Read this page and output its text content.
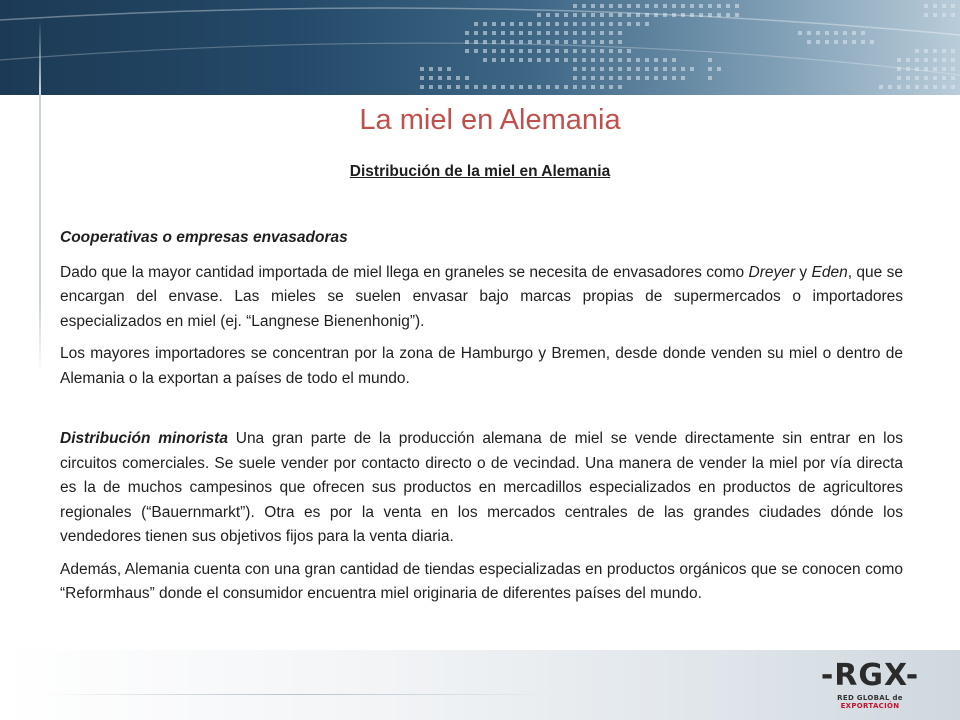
La miel en Alemania
Distribución de la miel en Alemania

Cooperativas o empresas envasadoras

Dado que la mayor cantidad importada de miel llega en graneles se necesita de envasadores como Dreyer y Eden, que se encargan del envase. Las mieles se suelen envasar bajo marcas propias de supermercados o importadores especializados en miel (ej. “Langnese Bienenhonig”).

Los mayores importadores se concentran por la zona de Hamburgo y Bremen, desde donde venden su miel o dentro de Alemania o la exportan a países de todo el mundo.

Distribución minorista Una gran parte de la producción alemana de miel se vende directamente sin entrar en los circuitos comerciales. Se suele vender por contacto directo o de vecindad. Una manera de vender la miel por vía directa es la de muchos campesinos que ofrecen sus productos en mercadillos especializados en productos de agricultores regionales (“Bauernmarkt”). Otra es por la venta en los mercados centrales de las grandes ciudades dónde los vendedores tienen sus objetivos fijos para la venta diaria.

Además, Alemania cuenta con una gran cantidad de tiendas especializadas en productos orgánicos que se conocen como “Reformhaus” donde el consumidor encuentra miel originaria de diferentes países del mundo.

-RGX-
RED GLOBAL de EXPORTACIÓN
